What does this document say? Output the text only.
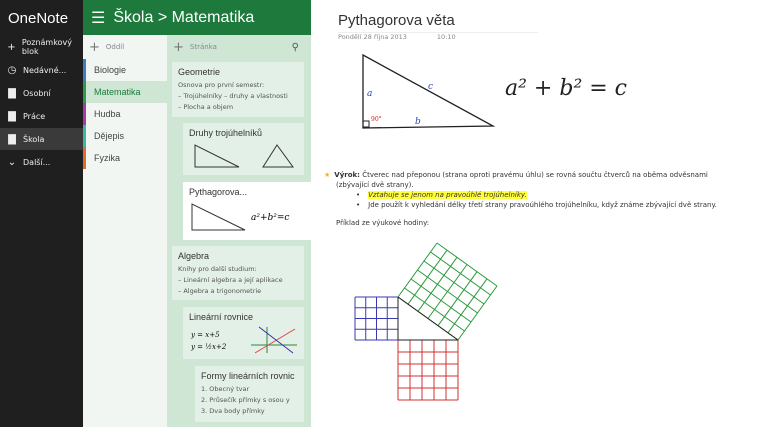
OneNote
+ Poznámkový blok
◷ Nedávné...
▇ Osobní
▇ Práce
▇ Škola
⌄ Další...
☰ Škola > Matematika
+ Oddíl
Biologie
Matematika
Hudba
Dějepis
Fyzika
+ Stránka	⚲
Geometrie

Osnova pro první semestr:

– Trojúhelníky – druhy a vlastnosti

– Plocha a objem

Druhy trojúhelníků
Pythagorova...
a²+b²=c
Algebra

Knihy pro další studium:

– Lineární algebra a její aplikace

– Algebra a trigonometrie

Lineární rovnice
y = x+5
y = ½x+2
Formy lineárních rovnic

1. Obecný tvar

2. Průsečík přímky s osou y

3. Dva body přímky

Pythagorova věta
Pondělí 28 října 2013	10:10
a
c
b
90°
a² + b² = c
★ Výrok: Čtverec nad přeponou (strana oproti pravému úhlu) se rovná součtu čtverců na oběma odvěsnami (zbývající dvě strany).
• Vztahuje se jenom na pravoúhlé trojúhelníky.
• Jde použít k vyhledání délky třetí strany pravoúhlého trojúhelníku, když známe zbývající dvě strany.
Příklad ze výukové hodiny:
